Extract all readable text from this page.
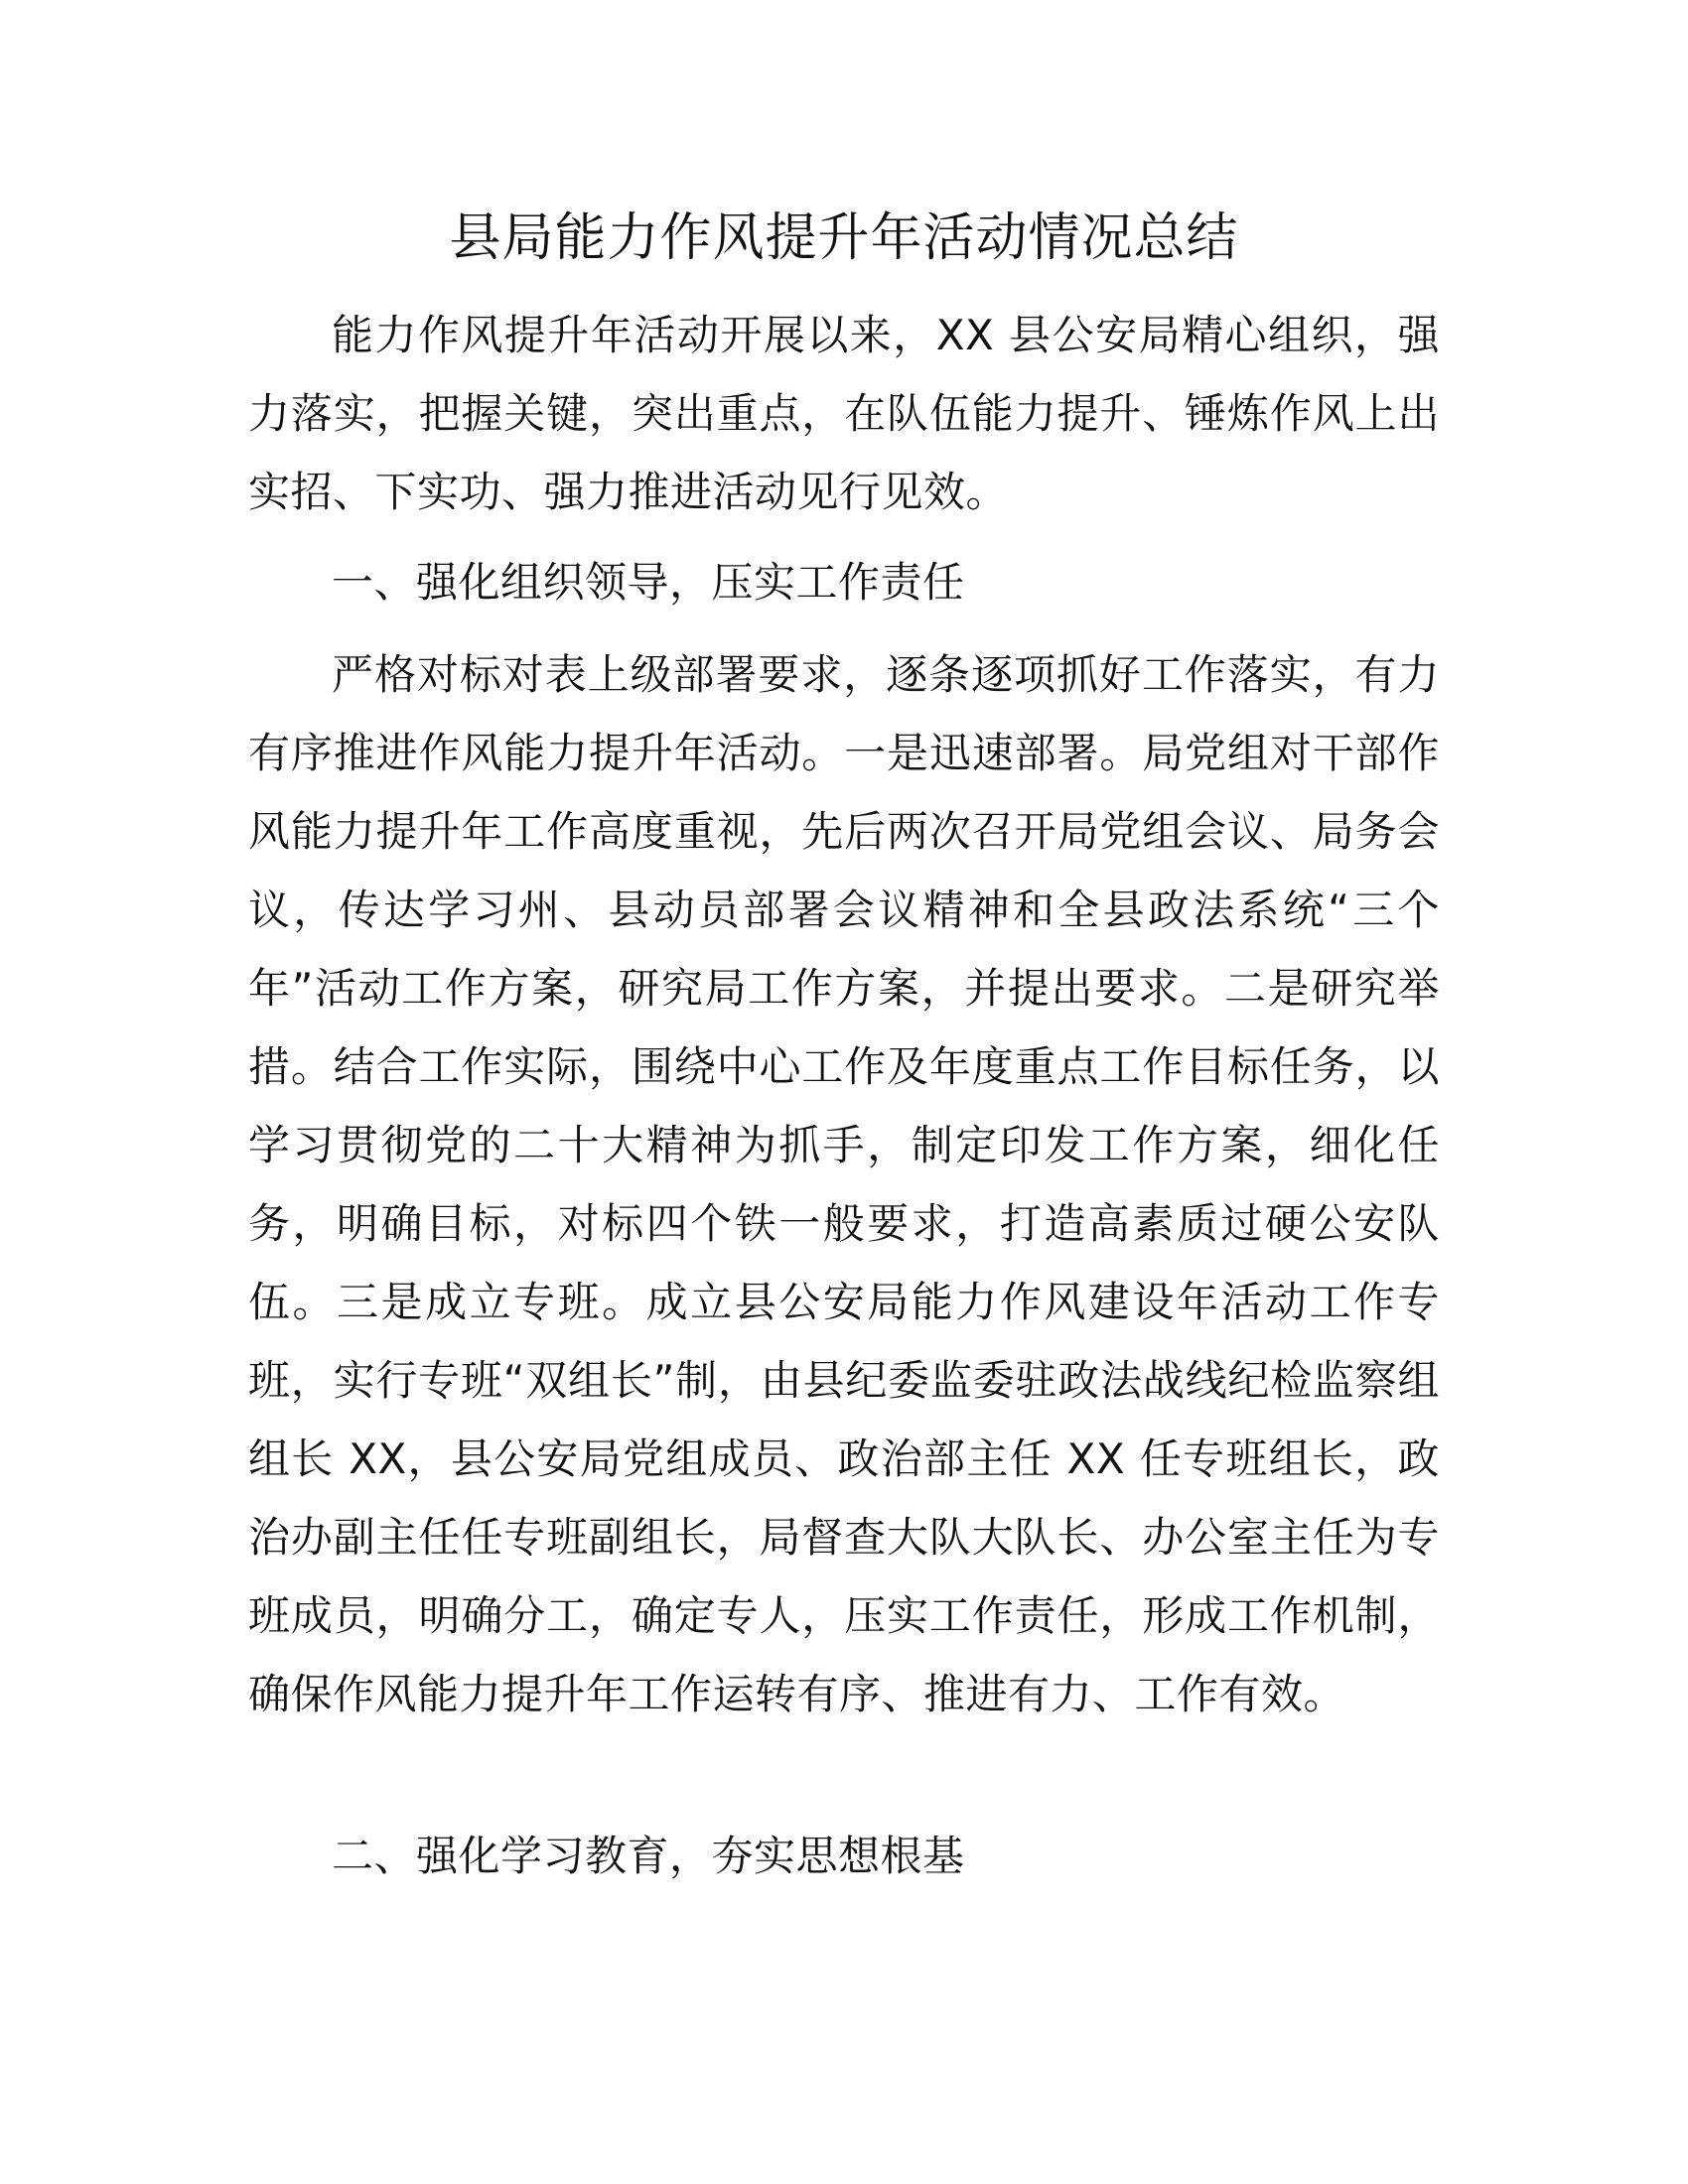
县局能力作风提升年活动情况总结

能力作风提升年活动开展以来，XX 县公安局精心组织，强力落实，把握关键，突出重点，在队伍能力提升、锤炼作风上出实招、下实功、强力推进活动见行见效。

一、强化组织领导，压实工作责任

严格对标对表上级部署要求，逐条逐项抓好工作落实，有力有序推进作风能力提升年活动。一是迅速部署。局党组对干部作风能力提升年工作高度重视，先后两次召开局党组会议、局务会议，传达学习州、县动员部署会议精神和全县政法系统“三个年”活动工作方案，研究局工作方案，并提出要求。二是研究举措。结合工作实际，围绕中心工作及年度重点工作目标任务，以学习贯彻党的二十大精神为抓手，制定印发工作方案，细化任务，明确目标，对标四个铁一般要求，打造高素质过硬公安队伍。三是成立专班。成立县公安局能力作风建设年活动工作专班，实行专班“双组长”制，由县纪委监委驻政法战线纪检监察组组长 XX，县公安局党组成员、政治部主任 XX 任专班组长，政治办副主任任专班副组长，局督查大队大队长、办公室主任为专班成员，明确分工，确定专人，压实工作责任，形成工作机制，确保作风能力提升年工作运转有序、推进有力、工作有效。

二、强化学习教育，夯实思想根基
